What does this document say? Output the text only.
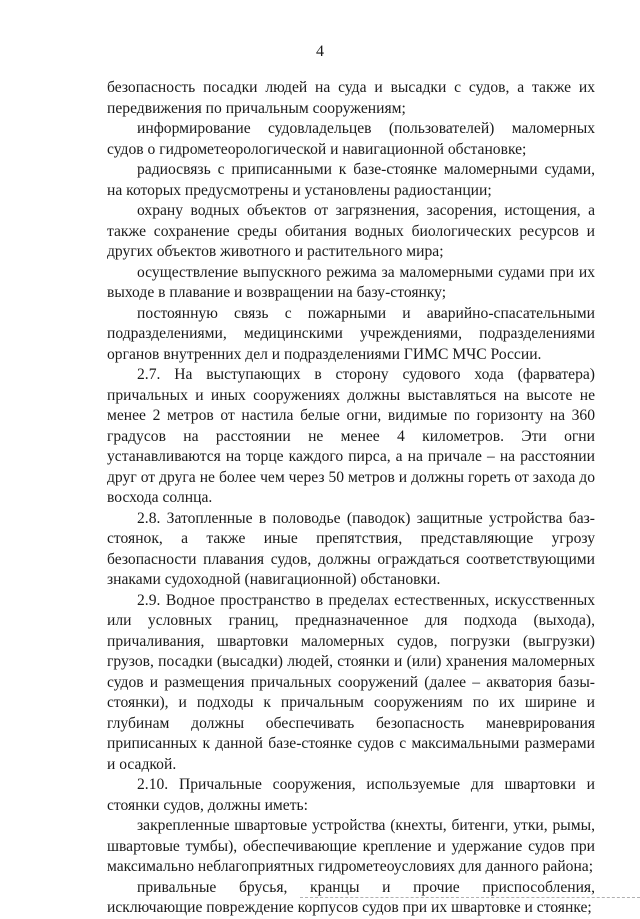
4

безопасность посадки людей на суда и высадки с судов, а также их передвижения по причальным сооружениям;

информирование судовладельцев (пользователей) маломерных судов о гидрометеорологической и навигационной обстановке;

радиосвязь с приписанными к базе-стоянке маломерными судами, на которых предусмотрены и установлены радиостанции;

охрану водных объектов от загрязнения, засорения, истощения, а также сохранение среды обитания водных биологических ресурсов и других объектов животного и растительного мира;

осуществление выпускного режима за маломерными судами при их выходе в плавание и возвращении на базу-стоянку;

постоянную связь с пожарными и аварийно-спасательными подразделениями, медицинскими учреждениями, подразделениями органов внутренних дел и подразделениями ГИМС МЧС России.

2.7. На выступающих в сторону судового хода (фарватера) причальных и иных сооружениях должны выставляться на высоте не менее 2 метров от настила белые огни, видимые по горизонту на 360 градусов на расстоянии не менее 4 километров. Эти огни устанавливаются на торце каждого пирса, а на причале – на расстоянии друг от друга не более чем через 50 метров и должны гореть от захода до восхода солнца.

2.8. Затопленные в половодье (паводок) защитные устройства баз-стоянок, а также иные препятствия, представляющие угрозу безопасности плавания судов, должны ограждаться соответствующими знаками судоходной (навигационной) обстановки.

2.9. Водное пространство в пределах естественных, искусственных или условных границ, предназначенное для подхода (выхода), причаливания, швартовки маломерных судов, погрузки (выгрузки) грузов, посадки (высадки) людей, стоянки и (или) хранения маломерных судов и размещения причальных сооружений (далее – акватория базы-стоянки), и подходы к причальным сооружениям по их ширине и глубинам должны обеспечивать безопасность маневрирования приписанных к данной базе-стоянке судов с максимальными размерами и осадкой.

2.10. Причальные сооружения, используемые для швартовки и стоянки судов, должны иметь:

закрепленные швартовые устройства (кнехты, битенги, утки, рымы, швартовые тумбы), обеспечивающие крепление и удержание судов при максимально неблагоприятных гидрометеоусловиях для данного района;

привальные брусья, кранцы и прочие приспособления, исключающие повреждение корпусов судов при их швартовке и стоянке;
